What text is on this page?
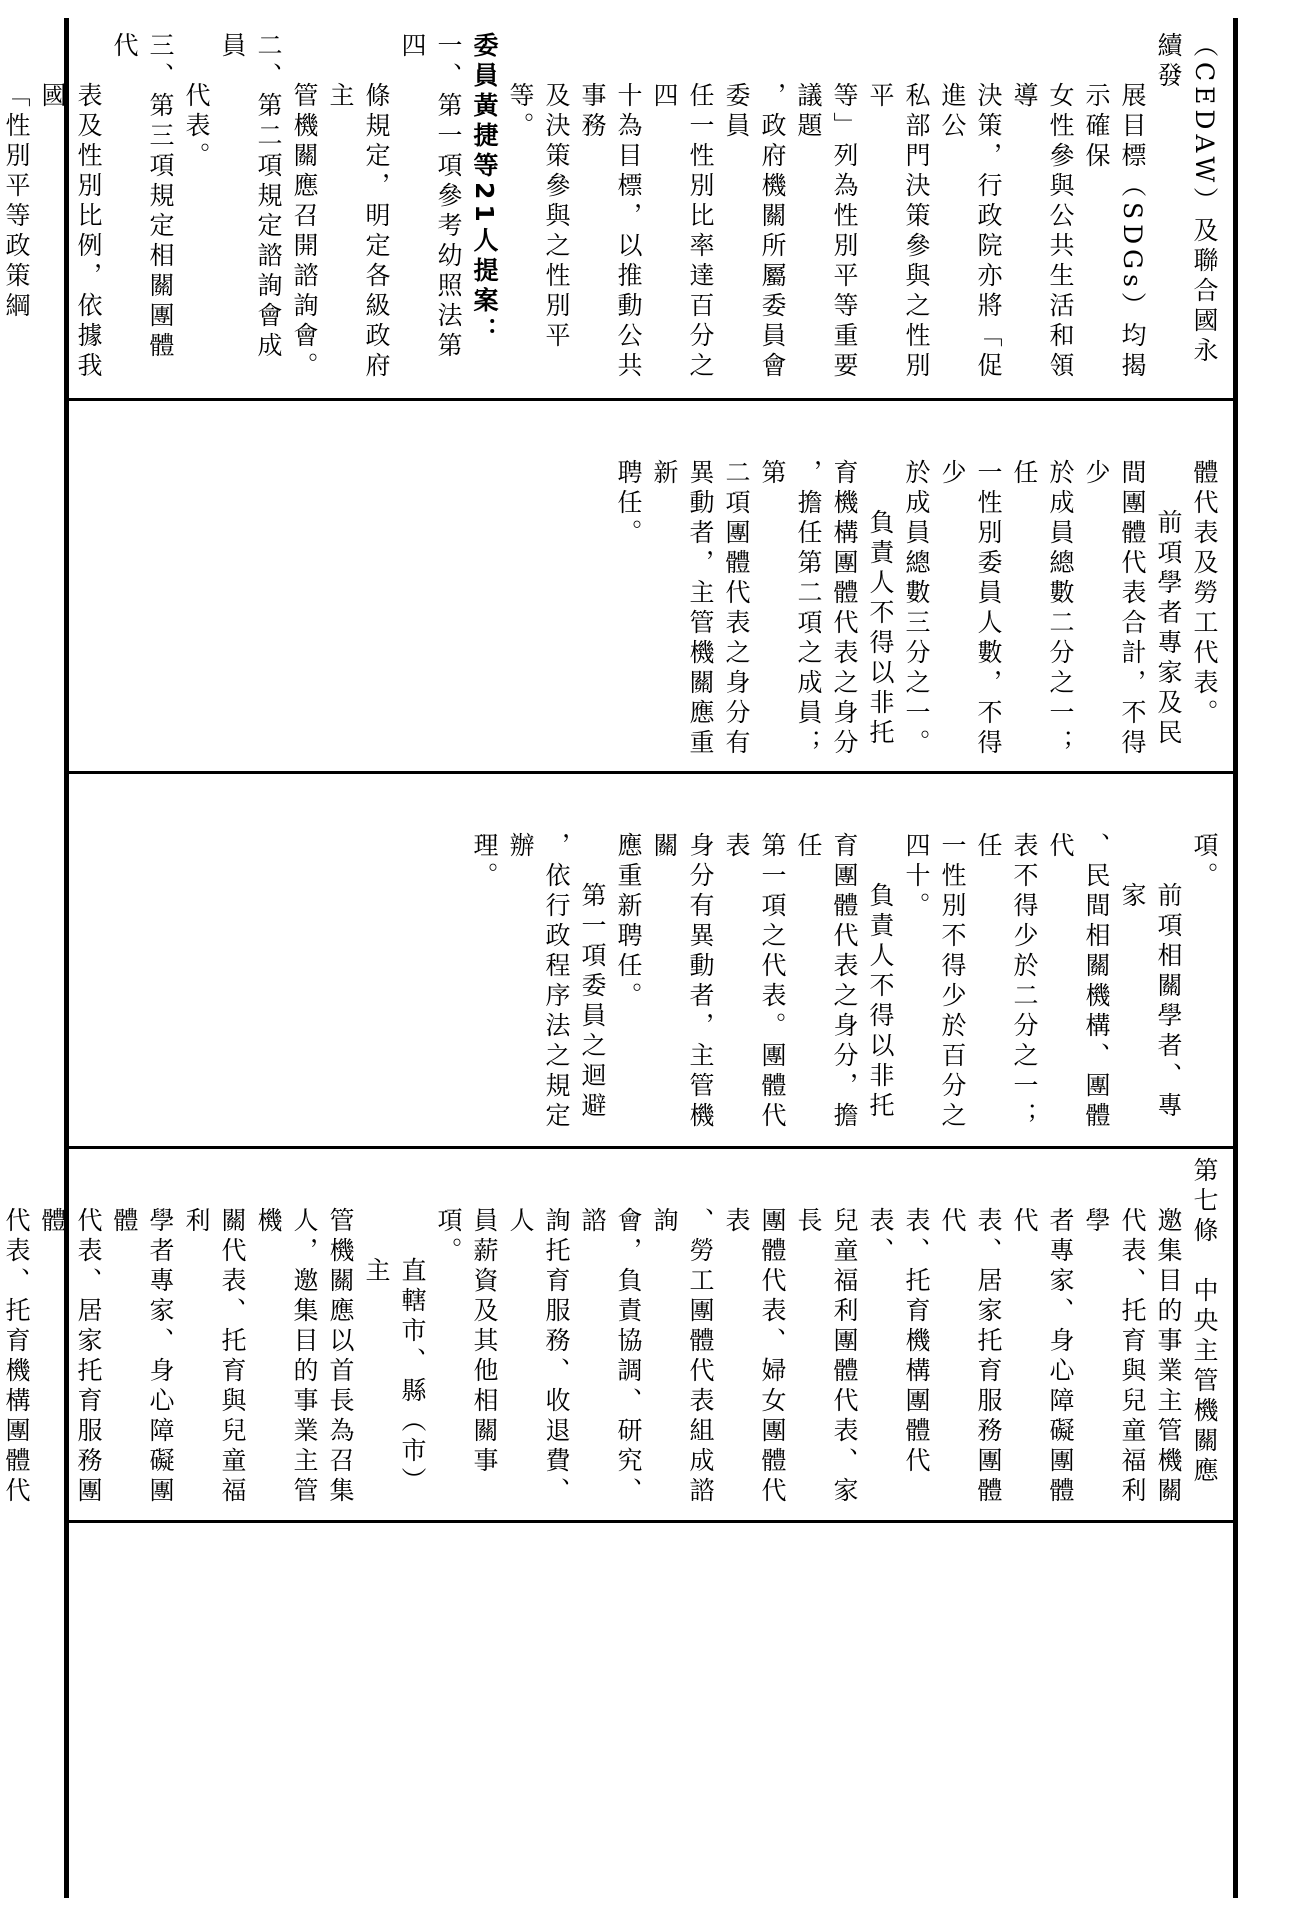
（CEDAW）及聯合國永續發

展目標（SDGs）均揭示確保

女性參與公共生活和領導

決策，行政院亦將「促進公

私部門決策參與之性別平

等」列為性別平等重要議題

，政府機關所屬委員會委員

任一性別比率達百分之四

十為目標，以推動公共事務

及決策參與之性別平等。

委員黃捷等21人提案：

一、第一項參考幼照法第四

條規定，明定各級政府主

管機關應召開諮詢會。

二、第二項規定諮詢會成員

代表。

三、第三項規定相關團體代

表及性別比例，依據我國

「性別平等政策綱

體代表及勞工代表。

前項學者專家及民

間團體代表合計，不得少

於成員總數二分之一；任

一性別委員人數，不得少

於成員總數三分之一。

負責人不得以非托

育機構團體代表之身分

，擔任第二項之成員；第

二項團體代表之身分有

異動者，主管機關應重新

聘任。

項。

前項相關學者、專家

、民間相關機構、團體代

表不得少於二分之一；任

一性別不得少於百分之

四十。

負責人不得以非托

育團體代表之身分，擔任

第一項之代表。團體代表

身分有異動者，主管機關

應重新聘任。

第一項委員之迴避

，依行政程序法之規定辦

理。

第七條　中央主管機關應

邀集目的事業主管機關

代表、托育與兒童福利學

者專家、身心障礙團體代

表、居家托育服務團體代

表、托育機構團體代表、

兒童福利團體代表、家長

團體代表、婦女團體代表

、勞工團體代表組成諮詢

會，負責協調、研究、諮

詢托育服務、收退費、人

員薪資及其他相關事項。

直轄市、縣（市）主

管機關應以首長為召集

人，邀集目的事業主管機

關代表、托育與兒童福利

學者專家、身心障礙團體

代表、居家托育服務團體

代表、托育機構團體代
